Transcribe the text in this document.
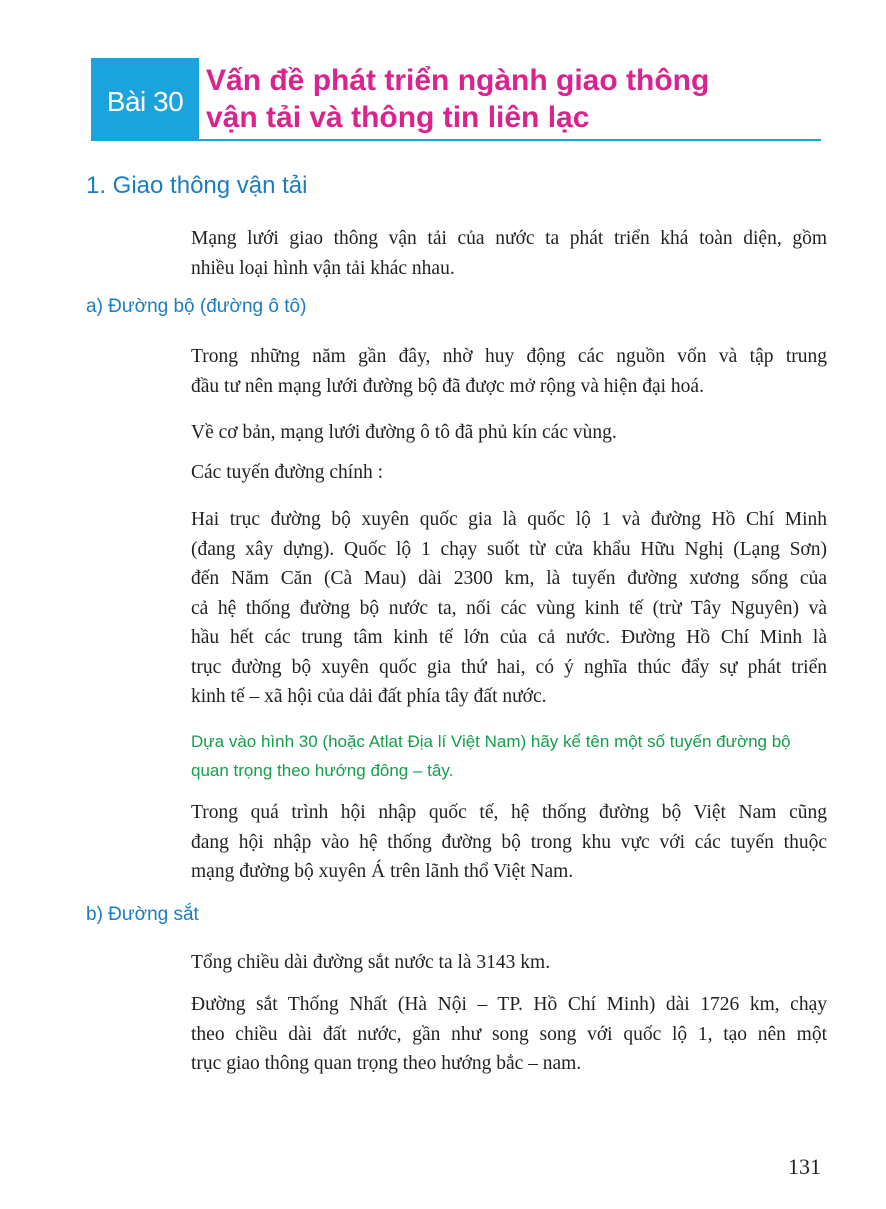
Bài 30
Vấn đề phát triển ngành giao thông
vận tải và thông tin liên lạc
1. Giao thông vận tải

Mạng lưới giao thông vận tải của nước ta phát triển khá toàn diện, gồm
nhiều loại hình vận tải khác nhau.

a) Đường bộ (đường ô tô)

Trong những năm gần đây, nhờ huy động các nguồn vốn và tập trung
đầu tư nên mạng lưới đường bộ đã được mở rộng và hiện đại hoá.

Về cơ bản, mạng lưới đường ô tô đã phủ kín các vùng.

Các tuyến đường chính :

Hai trục đường bộ xuyên quốc gia là quốc lộ 1 và đường Hồ Chí Minh
(đang xây dựng). Quốc lộ 1 chạy suốt từ cửa khẩu Hữu Nghị (Lạng Sơn)
đến Năm Căn (Cà Mau) dài 2300 km, là tuyến đường xương sống của
cả hệ thống đường bộ nước ta, nối các vùng kinh tế (trừ Tây Nguyên) và
hầu hết các trung tâm kinh tế lớn của cả nước. Đường Hồ Chí Minh là
trục đường bộ xuyên quốc gia thứ hai, có ý nghĩa thúc đẩy sự phát triển
kinh tế – xã hội của dải đất phía tây đất nước.

Dựa vào hình 30 (hoặc Atlat Địa lí Việt Nam) hãy kể tên một số tuyến đường bộ
quan trọng theo hướng đông – tây.

Trong quá trình hội nhập quốc tế, hệ thống đường bộ Việt Nam cũng
đang hội nhập vào hệ thống đường bộ trong khu vực với các tuyến thuộc
mạng đường bộ xuyên Á trên lãnh thổ Việt Nam.

b) Đường sắt

Tổng chiều dài đường sắt nước ta là 3143 km.

Đường sắt Thống Nhất (Hà Nội – TP. Hồ Chí Minh) dài 1726 km, chạy
theo chiều dài đất nước, gần như song song với quốc lộ 1, tạo nên một
trục giao thông quan trọng theo hướng bắc – nam.

131
